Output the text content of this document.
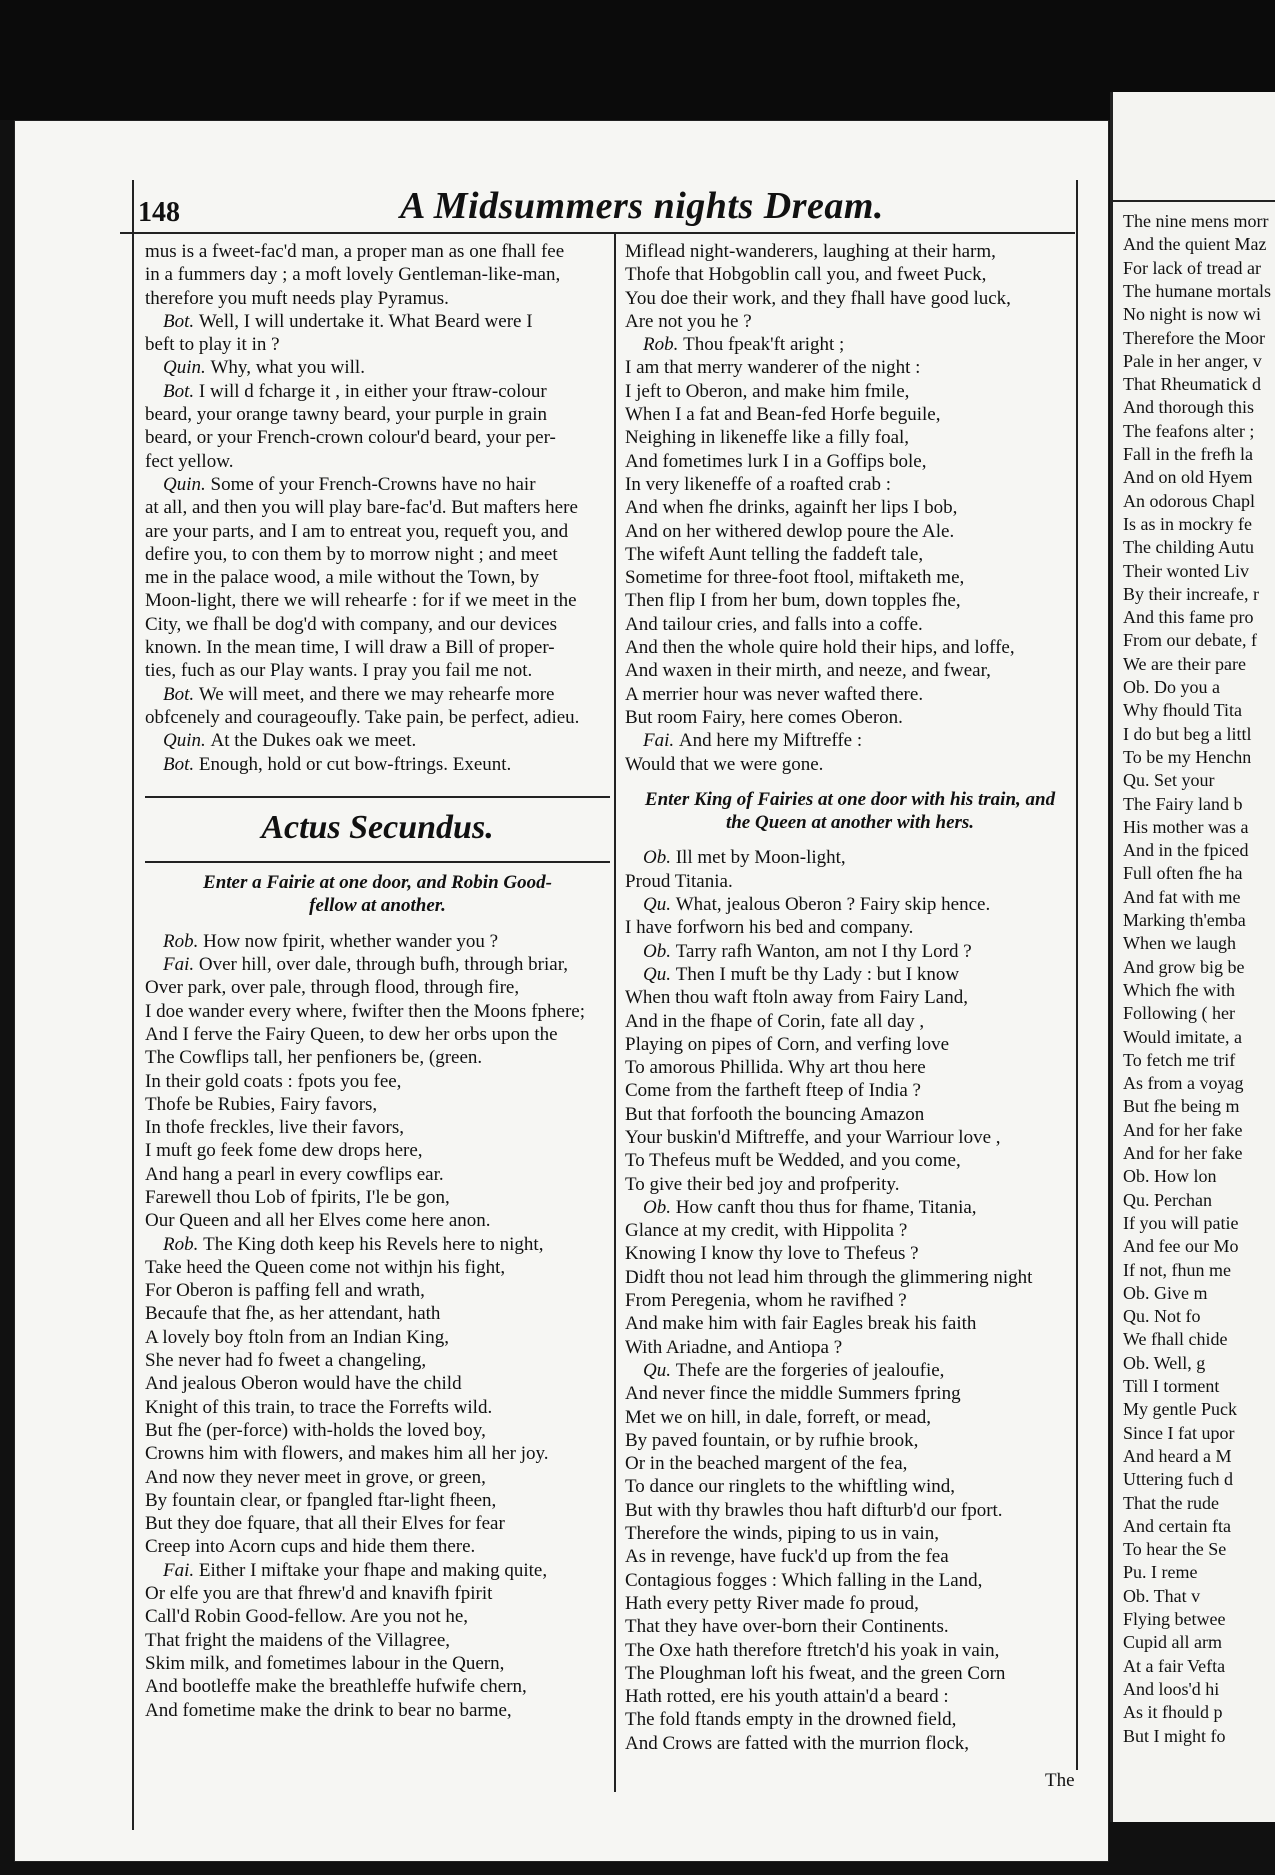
148	A Midsummers nights Dream.
mus is a fweet-fac'd man, a proper man as one fhall fee
in a fummers day ; a moft lovely Gentleman-like-man,
therefore you muft needs play Pyramus.
Bot. Well, I will undertake it. What Beard were I
beft to play it in ?
Quin. Why, what you will.
Bot. I will d fcharge it , in either your ftraw-colour
beard, your orange tawny beard, your purple in grain
beard, or your French-crown colour'd beard, your per-
fect yellow.
Quin. Some of your French-Crowns have no hair
at all, and then you will play bare-fac'd. But mafters here
are your parts, and I am to entreat you, requeft you, and
defire you, to con them by to morrow night ; and meet
me in the palace wood, a mile without the Town, by
Moon-light, there we will rehearfe : for if we meet in the
City, we fhall be dog'd with company, and our devices
known. In the mean time, I will draw a Bill of proper-
ties, fuch as our Play wants. I pray you fail me not.
Bot. We will meet, and there we may rehearfe more
obfcenely and courageoufly. Take pain, be perfect, adieu.
Quin. At the Dukes oak we meet.
Bot. Enough, hold or cut bow-ftrings. Exeunt.
Actus Secundus.
Enter a Fairie at one door, and Robin Good-
fellow at another.
Rob. How now fpirit, whether wander you ?
Fai. Over hill, over dale, through bufh, through briar,
Over park, over pale, through flood, through fire,
I doe wander every where, fwifter then the Moons fphere;
And I ferve the Fairy Queen, to dew her orbs upon the
The Cowflips tall, her penfioners be, (green.
In their gold coats : fpots you fee,
Thofe be Rubies, Fairy favors,
In thofe freckles, live their favors,
I muft go feek fome dew drops here,
And hang a pearl in every cowflips ear.
Farewell thou Lob of fpirits, I'le be gon,
Our Queen and all her Elves come here anon.
Rob. The King doth keep his Revels here to night,
Take heed the Queen come not withjn his fight,
For Oberon is paffing fell and wrath,
Becaufe that fhe, as her attendant, hath
A lovely boy ftoln from an Indian King,
She never had fo fweet a changeling,
And jealous Oberon would have the child
Knight of this train, to trace the Forrefts wild.
But fhe (per-force) with-holds the loved boy,
Crowns him with flowers, and makes him all her joy.
And now they never meet in grove, or green,
By fountain clear, or fpangled ftar-light fheen,
But they doe fquare, that all their Elves for fear
Creep into Acorn cups and hide them there.
Fai. Either I miftake your fhape and making quite,
Or elfe you are that fhrew'd and knavifh fpirit
Call'd Robin Good-fellow. Are you not he,
That fright the maidens of the Villagree,
Skim milk, and fometimes labour in the Quern,
And bootleffe make the breathleffe hufwife chern,
And fometime make the drink to bear no barme,
Miflead night-wanderers, laughing at their harm,
Thofe that Hobgoblin call you, and fweet Puck,
You doe their work, and they fhall have good luck,
Are not you he ?
Rob. Thou fpeak'ft aright ;
I am that merry wanderer of the night :
I jeft to Oberon, and make him fmile,
When I a fat and Bean-fed Horfe beguile,
Neighing in likeneffe like a filly foal,
And fometimes lurk I in a Goffips bole,
In very likeneffe of a roafted crab :
And when fhe drinks, againft her lips I bob,
And on her withered dewlop poure the Ale.
The wifeft Aunt telling the faddeft tale,
Sometime for three-foot ftool, miftaketh me,
Then flip I from her bum, down topples fhe,
And tailour cries, and falls into a coffe.
And then the whole quire hold their hips, and loffe,
And waxen in their mirth, and neeze, and fwear,
A merrier hour was never wafted there.
But room Fairy, here comes Oberon.
Fai. And here my Miftreffe :
Would that we were gone.
Enter King of Fairies at one door with his train, and
the Queen at another with hers.
Ob. Ill met by Moon-light,
Proud Titania.
Qu. What, jealous Oberon ? Fairy skip hence.
I have forfworn his bed and company.
Ob. Tarry rafh Wanton, am not I thy Lord ?
Qu. Then I muft be thy Lady : but I know
When thou waft ftoln away from Fairy Land,
And in the fhape of Corin, fate all day ,
Playing on pipes of Corn, and verfing love
To amorous Phillida. Why art thou here
Come from the fartheft fteep of India ?
But that forfooth the bouncing Amazon
Your buskin'd Miftreffe, and your Warriour love ,
To Thefeus muft be Wedded, and you come,
To give their bed joy and profperity.
Ob. How canft thou thus for fhame, Titania,
Glance at my credit, with Hippolita ?
Knowing I know thy love to Thefeus ?
Didft thou not lead him through the glimmering night
From Peregenia, whom he ravifhed ?
And make him with fair Eagles break his faith
With Ariadne, and Antiopa ?
Qu. Thefe are the forgeries of jealoufie,
And never fince the middle Summers fpring
Met we on hill, in dale, forreft, or mead,
By paved fountain, or by rufhie brook,
Or in the beached margent of the fea,
To dance our ringlets to the whiftling wind,
But with thy brawles thou haft difturb'd our fport.
Therefore the winds, piping to us in vain,
As in revenge, have fuck'd up from the fea
Contagious fogges : Which falling in the Land,
Hath every petty River made fo proud,
That they have over-born their Continents.
The Oxe hath therefore ftretch'd his yoak in vain,
The Ploughman loft his fweat, and the green Corn
Hath rotted, ere his youth attain'd a beard :
The fold ftands empty in the drowned field,
And Crows are fatted with the murrion flock,
The
The nine mens morr
And the quient Maz
For lack of tread ar
The humane mortals
No night is now wi
Therefore the Moor
Pale in her anger, v
That Rheumatick d
And thorough this
The feafons alter ;
Fall in the frefh la
And on old Hyem
An odorous Chapl
Is as in mockry fe
The childing Autu
Their wonted Liv
By their increafe, r
And this fame pro
From our debate, f
We are their pare
Ob. Do you a
Why fhould Tita
I do but beg a littl
To be my Henchn
Qu. Set your
The Fairy land b
His mother was a
And in the fpiced
Full often fhe ha
And fat with me
Marking th'emba
When we laugh
And grow big be
Which fhe with
Following ( her
Would imitate, a
To fetch me trif
As from a voyag
But fhe being m
And for her fake
And for her fake
Ob. How lon
Qu. Perchan
If you will patie
And fee our Mo
If not, fhun me
Ob. Give m
Qu. Not fo
We fhall chide
Ob. Well, g
Till I torment
My gentle Puck
Since I fat upor
And heard a M
Uttering fuch d
That the rude
And certain fta
To hear the Se
Pu. I reme
Ob. That v
Flying betwee
Cupid all arm
At a fair Vefta
And loos'd hi
As it fhould p
But I might fo
